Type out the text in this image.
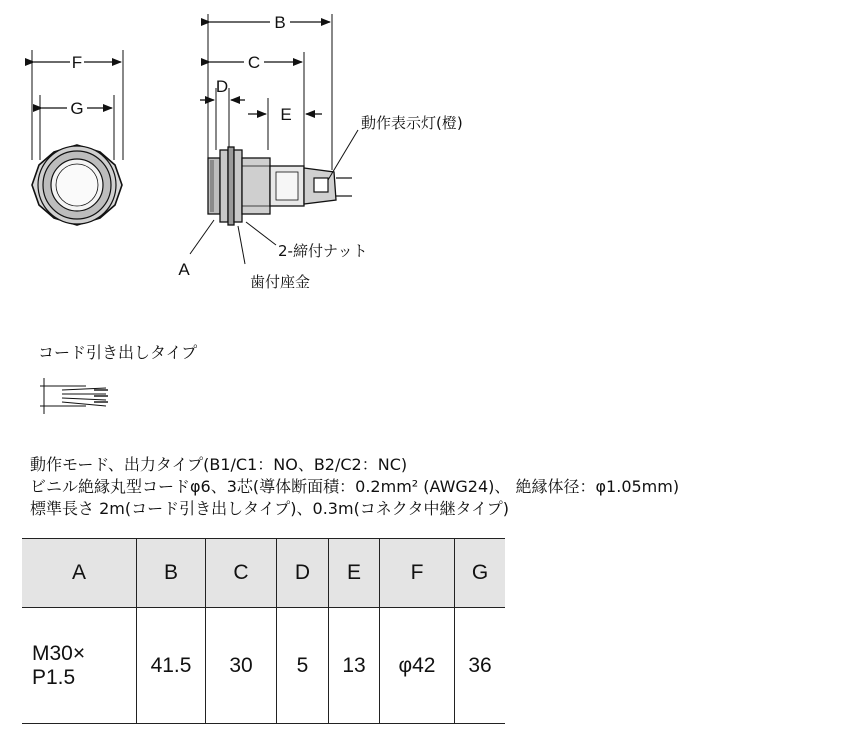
F
G
B
C
D
E
A
動作表示灯(橙)
2-締付ナット
歯付座金
コード引き出しタイプ
動作モード、出力タイプ(B1/C1：NO、B2/C2：NC)
ビニル絶縁丸型コードφ6、3芯(導体断面積：0.2mm² (AWG24)、 絶縁体径：φ1.05mm)
標準長さ 2m(コード引き出しタイプ)、0.3m(コネクタ中継タイプ)
A	B	C	D	E	F	G

M30×
P1.5	41.5	30	5	13	φ42	36
